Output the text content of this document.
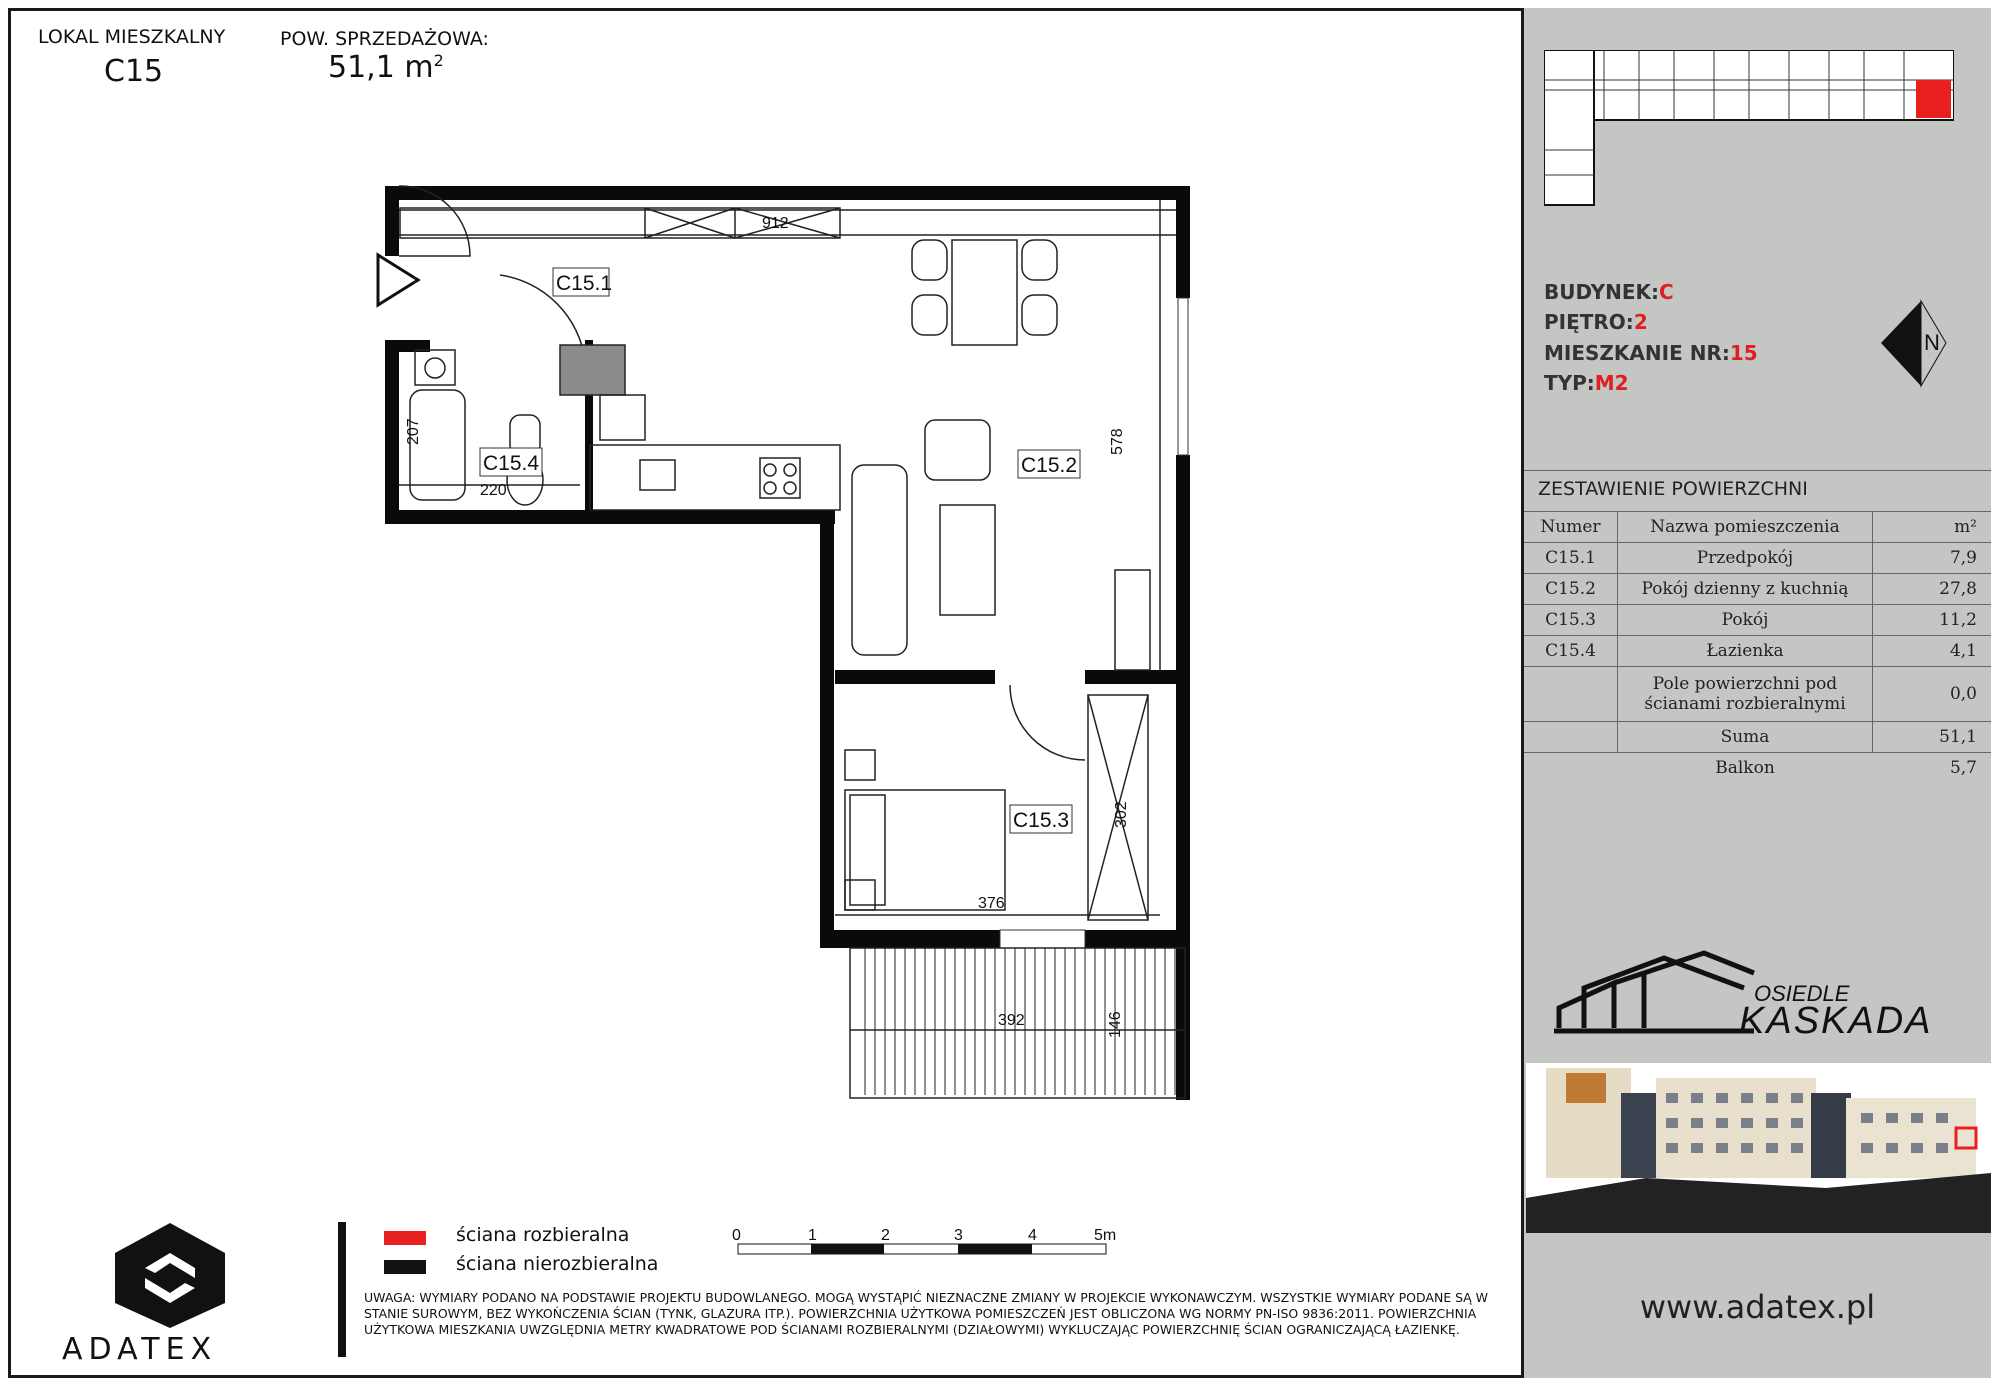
LOKAL MIESZKALNY
C15
POW. SPRZEDAŻOWA:
51,1 $m^2$
C15.1
C15.2
C15.3
C15.4
912
578
207
220
376
302
392	146
ściana rozbieralna
ściana nierozbieralna
0	1	2	3	4	5m
UWAGA: WYMIARY PODANO NA PODSTAWIE PROJEKTU BUDOWLANEGO. MOGĄ WYSTĄPIĆ NIEZNACZNE ZMIANY W PROJEKCIE WYKONAWCZYM. WSZYSTKIE WYMIARY PODANE SĄ W STANIE SUROWYM, BEZ WYKOŃCZENIA ŚCIAN (TYNK, GLAZURA ITP.). POWIERZCHNIA UŻYTKOWA POMIESZCZEŃ JEST OBLICZONA WG NORMY PN-ISO 9836:2011. POWIERZCHNIA UŻYTKOWA MIESZKANIA UWZGLĘDNIA METRY KWADRATOWE POD ŚCIANAMI ROZBIERALNYMI (DZIAŁOWYMI) WYKLUCZAJĄC POWIERZCHNIĘ ŚCIAN OGRANICZAJĄCĄ ŁAZIENKĘ.
ADATEX
BUDYNEK:C
PIĘTRO:2
MIESZKANIE NR:15
TYP:M2
N
ZESTAWIENIE POWIERZCHNI
Numer	Nazwa pomieszczenia	m²
C15.1	Przedpokój	7,9
C15.2	Pokój dzienny z kuchnią	27,8
C15.3	Pokój	11,2
C15.4	Łazienka	4,1
	Pole powierzchni pod ścianami rozbieralnymi	0,0
	Suma	51,1
	Balkon	5,7
OSIEDLE
KASKADA
www.adatex.pl
